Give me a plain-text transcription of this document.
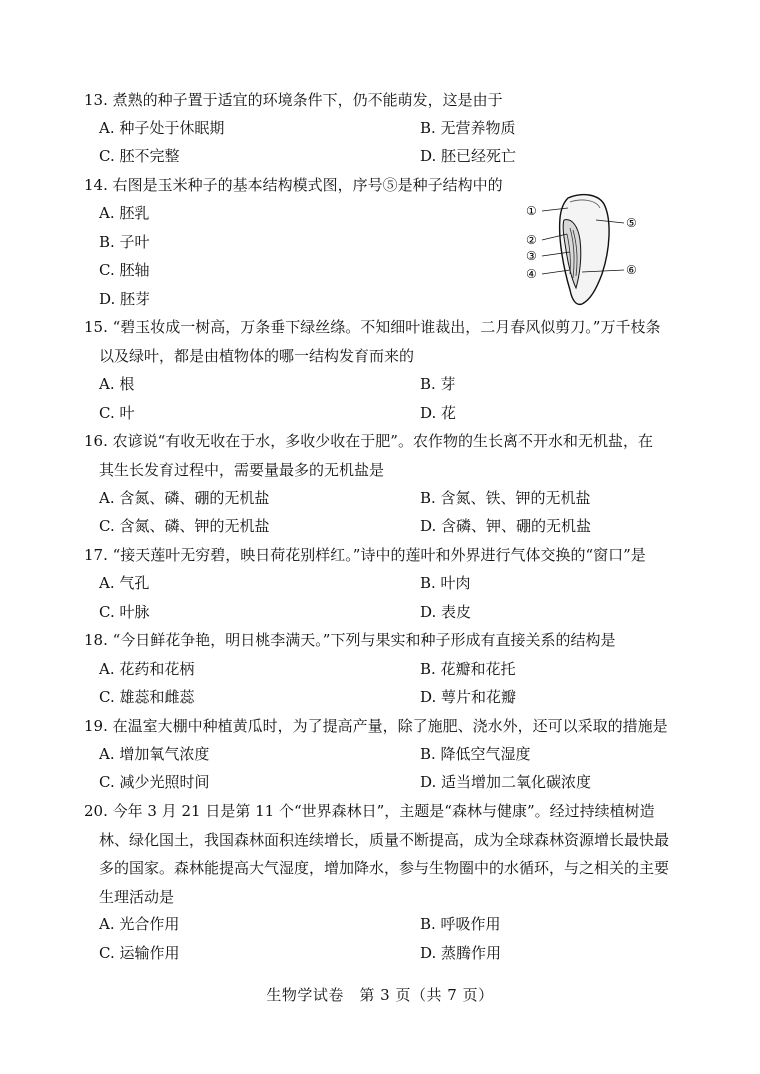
13. 煮熟的种子置于适宜的环境条件下，仍不能萌发，这是由于
A. 种子处于休眠期	B. 无营养物质
C. 胚不完整	D. 胚已经死亡
14. 右图是玉米种子的基本结构模式图，序号⑤是种子结构中的
A. 胚乳
B. 子叶
C. 胚轴
D. 胚芽
①
②
③
④
⑤
⑥
15. “碧玉妆成一树高，万条垂下绿丝绦。不知细叶谁裁出，二月春风似剪刀。”万千枝条
以及绿叶，都是由植物体的哪一结构发育而来的
A. 根	B. 芽
C. 叶	D. 花
16. 农谚说“有收无收在于水，多收少收在于肥”。农作物的生长离不开水和无机盐，在
其生长发育过程中，需要量最多的无机盐是
A. 含氮、磷、硼的无机盐	B. 含氮、铁、钾的无机盐
C. 含氮、磷、钾的无机盐	D. 含磷、钾、硼的无机盐
17. “接天莲叶无穷碧，映日荷花别样红。”诗中的莲叶和外界进行气体交换的“窗口”是
A. 气孔	B. 叶肉
C. 叶脉	D. 表皮
18. “今日鲜花争艳，明日桃李满天。”下列与果实和种子形成有直接关系的结构是
A. 花药和花柄	B. 花瓣和花托
C. 雄蕊和雌蕊	D. 萼片和花瓣
19. 在温室大棚中种植黄瓜时，为了提高产量，除了施肥、浇水外，还可以采取的措施是
A. 增加氧气浓度	B. 降低空气湿度
C. 减少光照时间	D. 适当增加二氧化碳浓度
20. 今年 3 月 21 日是第 11 个“世界森林日”，主题是“森林与健康”。经过持续植树造
林、绿化国土，我国森林面积连续增长，质量不断提高，成为全球森林资源增长最快最
多的国家。森林能提高大气湿度，增加降水，参与生物圈中的水循环，与之相关的主要
生理活动是
A. 光合作用	B. 呼吸作用
C. 运输作用	D. 蒸腾作用
生物学试卷　第 3 页（共 7 页）
